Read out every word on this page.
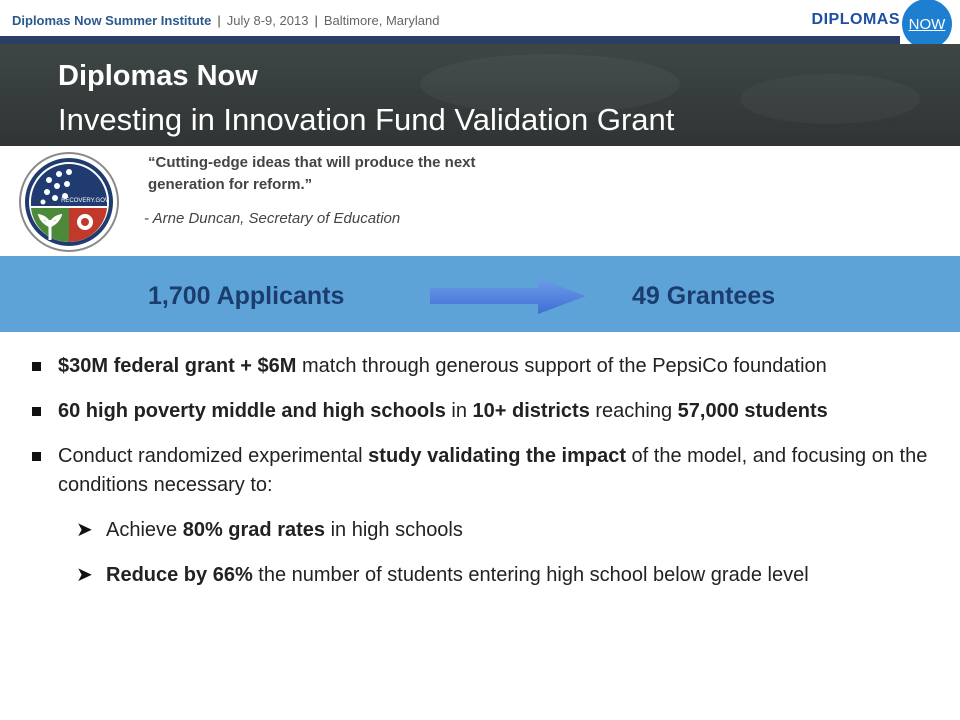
Diplomas Now Summer Institute | July 8-9, 2013 | Baltimore, Maryland	DIPLOMAS NOW
Diplomas Now
Investing in Innovation Fund Validation Grant
RECOVERY.GOV
“Cutting-edge ideas that will produce the next generation for reform.”
- Arne Duncan, Secretary of Education
1,700 Applicants	49 Grantees
$30M federal grant + $6M match through generous support of the PepsiCo foundation
60 high poverty middle and high schools in 10+ districts reaching 57,000 students
Conduct randomized experimental study validating the impact of the model, and focusing on the conditions necessary to:
➤ Achieve 80% grad rates in high schools
➤ Reduce by 66% the number of students entering high school below grade level
